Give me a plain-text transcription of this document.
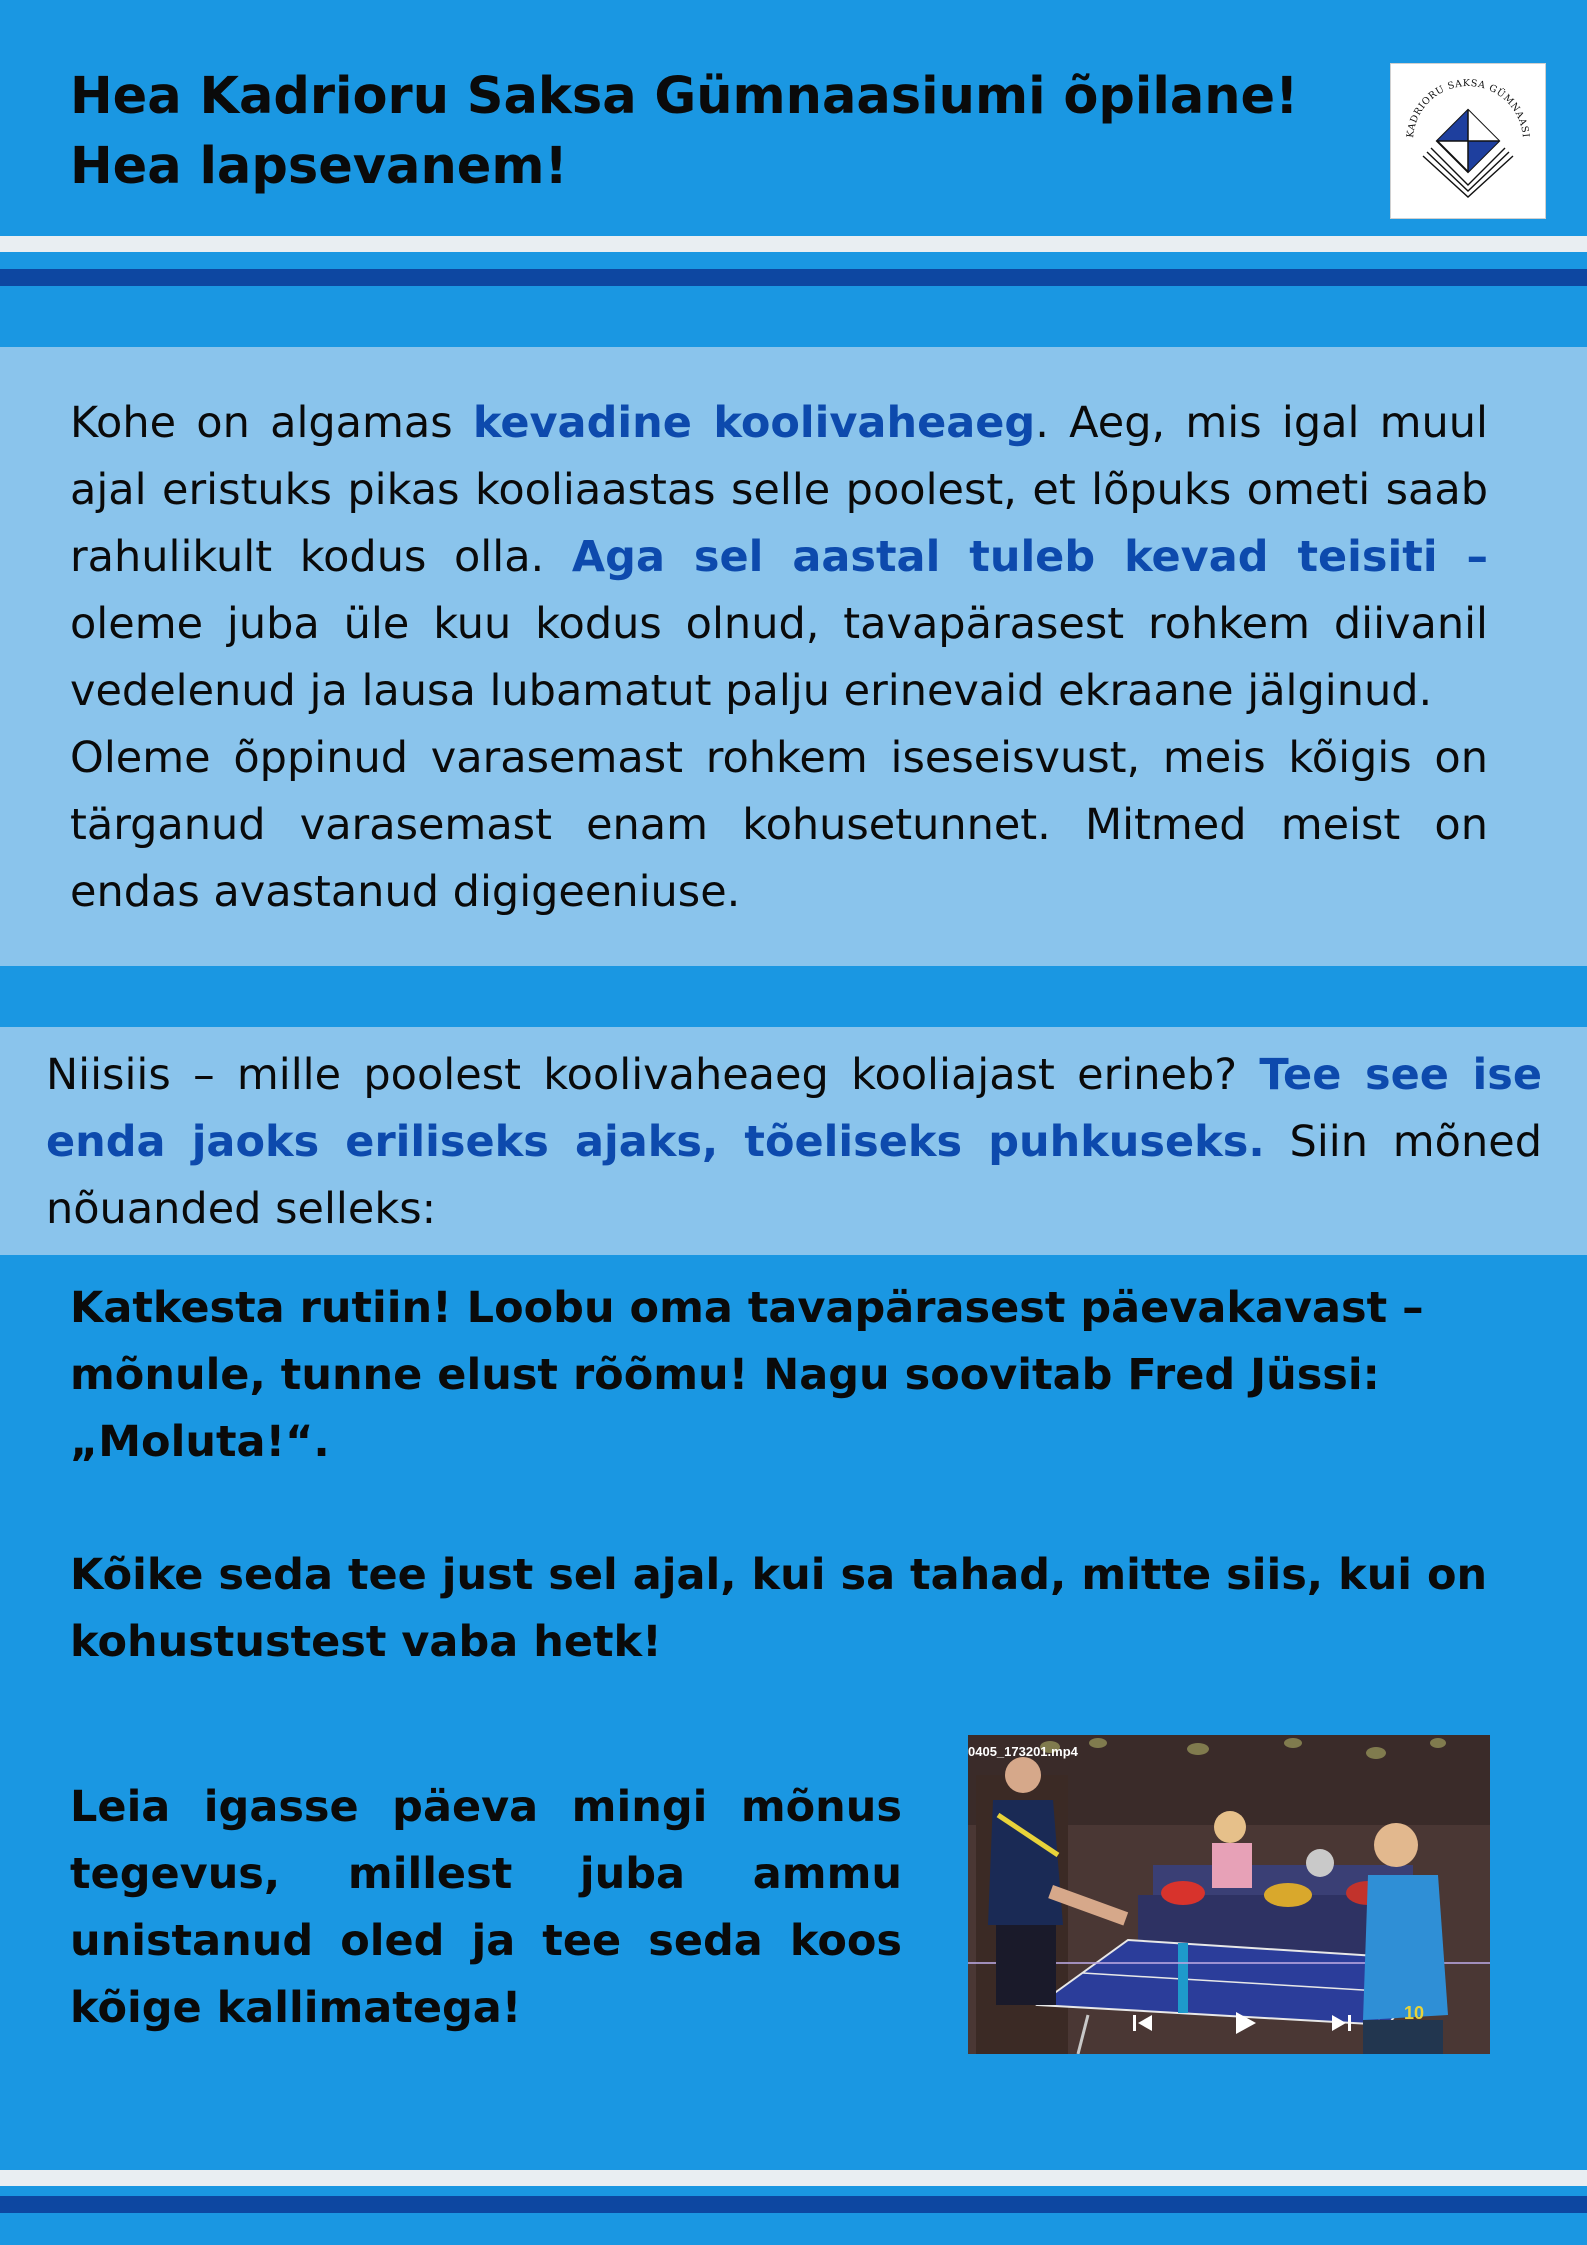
Hea Kadrioru Saksa Gümnaasiumi õpilane!
Hea lapsevanem!
KADRIORU SAKSA GÜMNAASI

Kohe on algamas kevadine koolivaheaeg. Aeg, mis igal muul ajal eristuks pikas kooliaastas selle poolest, et lõpuks ometi saab rahulikult kodus olla. Aga sel aastal tuleb kevad teisiti – oleme juba üle kuu kodus olnud, tavapärasest rohkem diivanil vedelenud ja lausa lubamatut palju erinevaid ekraane jälginud.
Oleme õppinud varasemast rohkem iseseisvust, meis kõigis on tärganud varasemast enam kohusetunnet. Mitmed meist on endas avastanud digigeeniuse.

Niisiis – mille poolest koolivaheaeg kooliajast erineb? Tee see ise enda jaoks eriliseks ajaks, tõeliseks puhkuseks. Siin mõned nõuanded selleks:

Katkesta rutiin! Loobu oma tavapärasest päevakavast – mõnule, tunne elust rõõmu! Nagu soovitab Fred Jüssi: „Moluta!“.

Kõike seda tee just sel ajal, kui sa tahad, mitte siis, kui on kohustustest vaba hetk!

Leia igasse päeva mingi mõnus tegevus, millest juba ammu unistanud oled ja tee seda koos kõige kallimatega!

0405_173201.mp4
10
